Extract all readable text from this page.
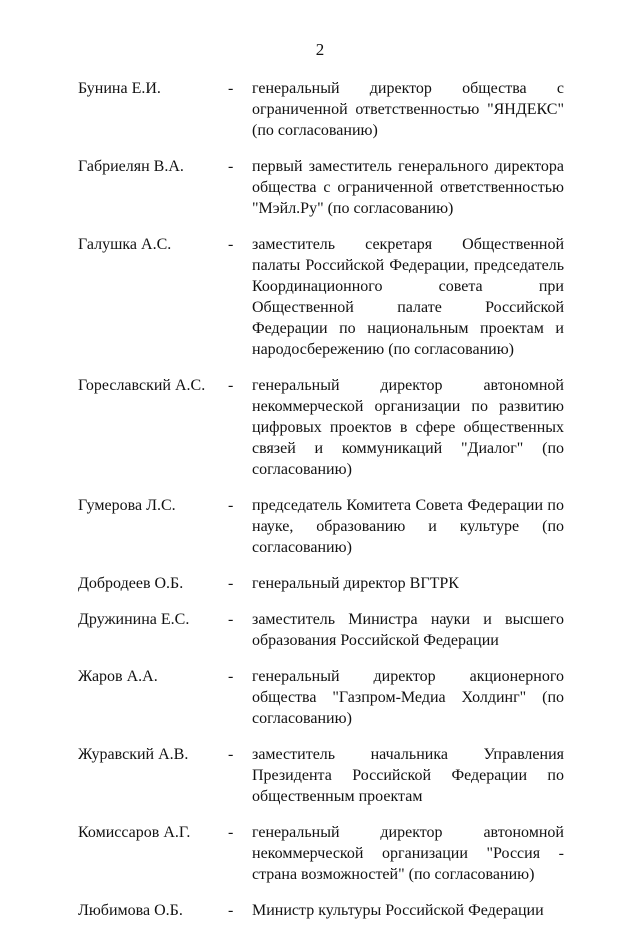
2
Бунина Е.И.	-	генеральный директор общества с ограниченной ответственностью "ЯНДЕКС" (по согласованию)
Габриелян В.А.	-	первый заместитель генерального директора общества с ограниченной ответственностью "Мэйл.Ру" (по согласованию)
Галушка А.С.	-	заместитель секретаря Общественной палаты Российской Федерации, председатель Координационного совета при Общественной палате Российской Федерации по национальным проектам и народосбережению (по согласованию)
Гореславский А.С.	-	генеральный директор автономной некоммерческой организации по развитию цифровых проектов в сфере общественных связей и коммуникаций "Диалог" (по согласованию)
Гумерова Л.С.	-	председатель Комитета Совета Федерации по науке, образованию и культуре (по согласованию)
Добродеев О.Б.	-	генеральный директор ВГТРК
Дружинина Е.С.	-	заместитель Министра науки и высшего образования Российской Федерации
Жаров А.А.	-	генеральный директор акционерного общества "Газпром-Медиа Холдинг" (по согласованию)
Журавский А.В.	-	заместитель начальника Управления Президента Российской Федерации по общественным проектам
Комиссаров А.Г.	-	генеральный директор автономной некоммерческой организации "Россия - страна возможностей" (по согласованию)
Любимова О.Б.	-	Министр культуры Российской Федерации
